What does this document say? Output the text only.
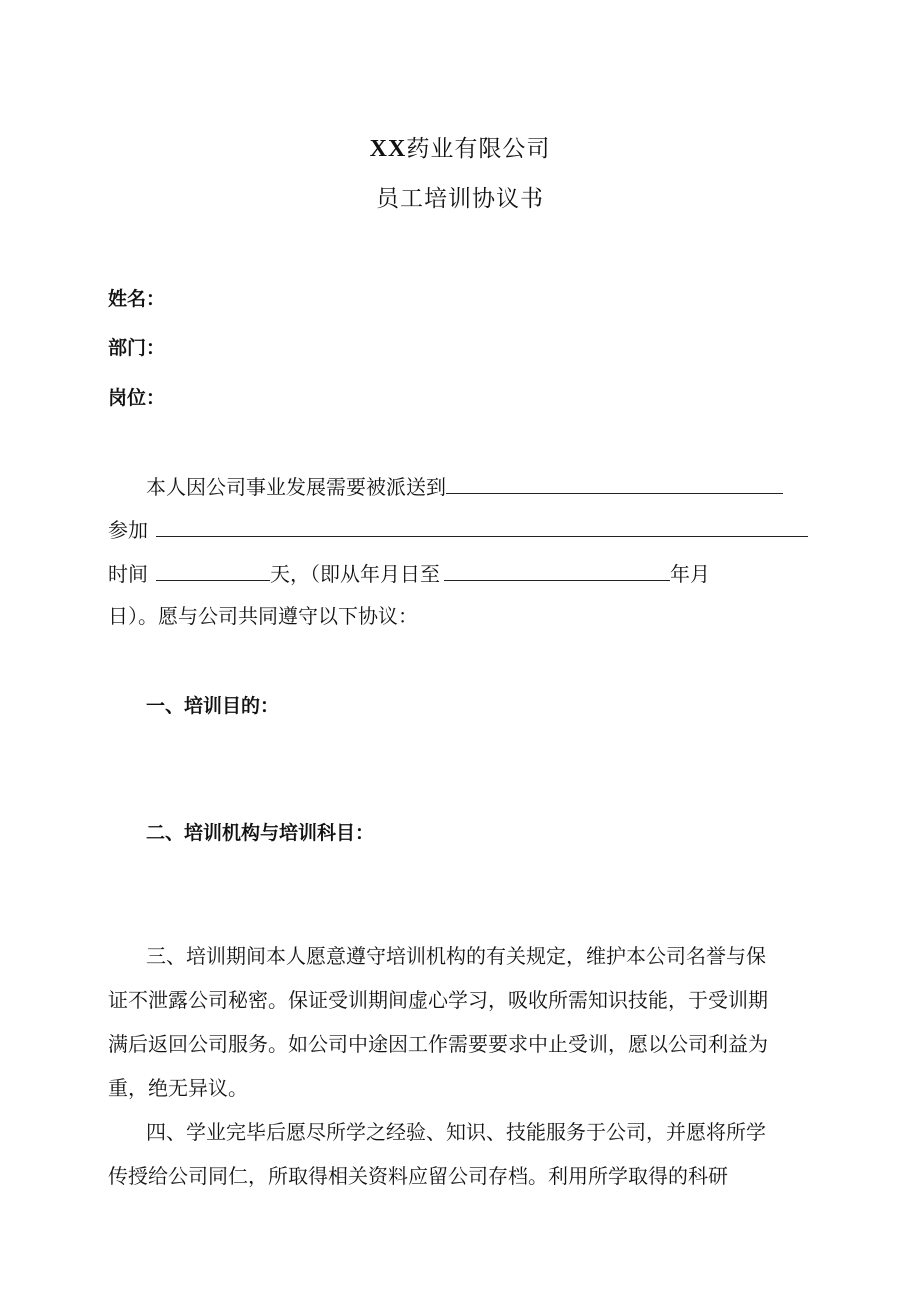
XX药业有限公司
员工培训协议书
姓名：
部门：
岗位：
本人因公司事业发展需要被派送到
参加
时间	天，（即从年月日至	年月
日）。愿与公司共同遵守以下协议：
一、培训目的：
二、培训机构与培训科目：
三、培训期间本人愿意遵守培训机构的有关规定，维护本公司名誉与保
证不泄露公司秘密。保证受训期间虚心学习，吸收所需知识技能，于受训期
满后返回公司服务。如公司中途因工作需要要求中止受训，愿以公司利益为
重，绝无异议。
四、学业完毕后愿尽所学之经验、知识、技能服务于公司，并愿将所学
传授给公司同仁，所取得相关资料应留公司存档。利用所学取得的科研
